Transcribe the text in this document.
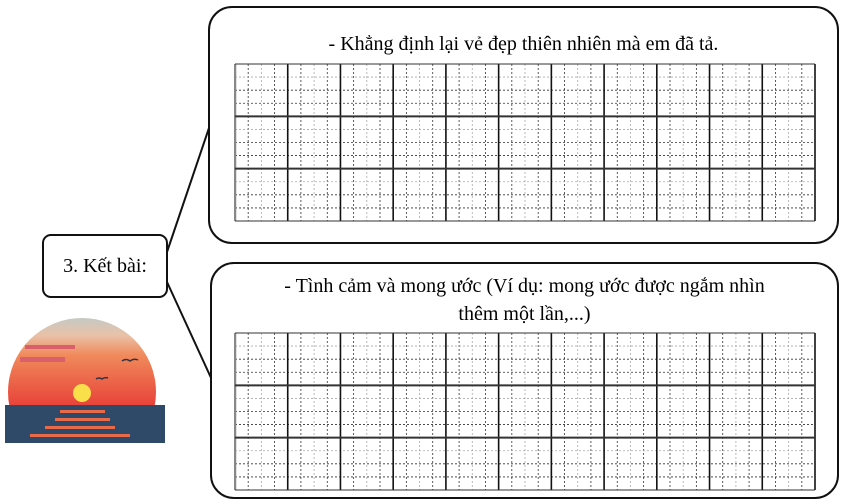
3. Kết bài:
- Khẳng định lại vẻ đẹp thiên nhiên mà em đã tả.
- Tình cảm và mong ước (Ví dụ: mong ước được ngắm nhìn
thêm một lần,...)
